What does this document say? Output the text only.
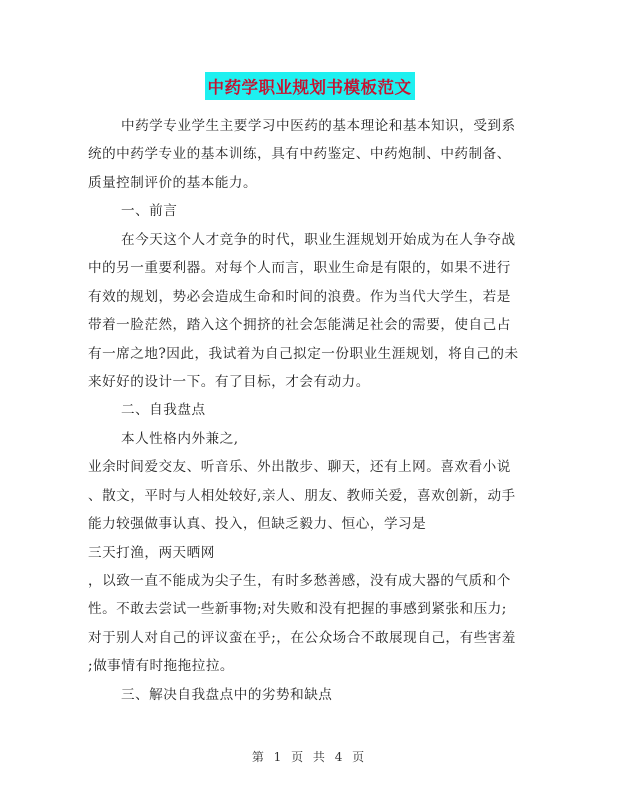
中药学职业规划书模板范文
中药学专业学生主要学习中医药的基本理论和基本知识，受到系
统的中药学专业的基本训练，具有中药鉴定、中药炮制、中药制备、
质量控制评价的基本能力。
一、前言
在今天这个人才竞争的时代，职业生涯规划开始成为在人争夺战
中的另一重要利器。对每个人而言，职业生命是有限的，如果不进行
有效的规划，势必会造成生命和时间的浪费。作为当代大学生，若是
带着一脸茫然，踏入这个拥挤的社会怎能满足社会的需要，使自己占
有一席之地?因此，我试着为自己拟定一份职业生涯规划，将自己的未
来好好的设计一下。有了目标，才会有动力。
二、自我盘点
本人性格内外兼之,
业余时间爱交友、听音乐、外出散步、聊天，还有上网。喜欢看小说
、散文，平时与人相处较好,亲人、朋友、教师关爱，喜欢创新，动手
能力较强做事认真、投入，但缺乏毅力、恒心，学习是
三天打渔，两天晒网
，以致一直不能成为尖子生，有时多愁善感，没有成大器的气质和个
性。不敢去尝试一些新事物;对失败和没有把握的事感到紧张和压力;
对于别人对自己的评议蛮在乎;，在公众场合不敢展现自己，有些害羞
;做事情有时拖拖拉拉。
三、解决自我盘点中的劣势和缺点
第 1 页 共 4 页
